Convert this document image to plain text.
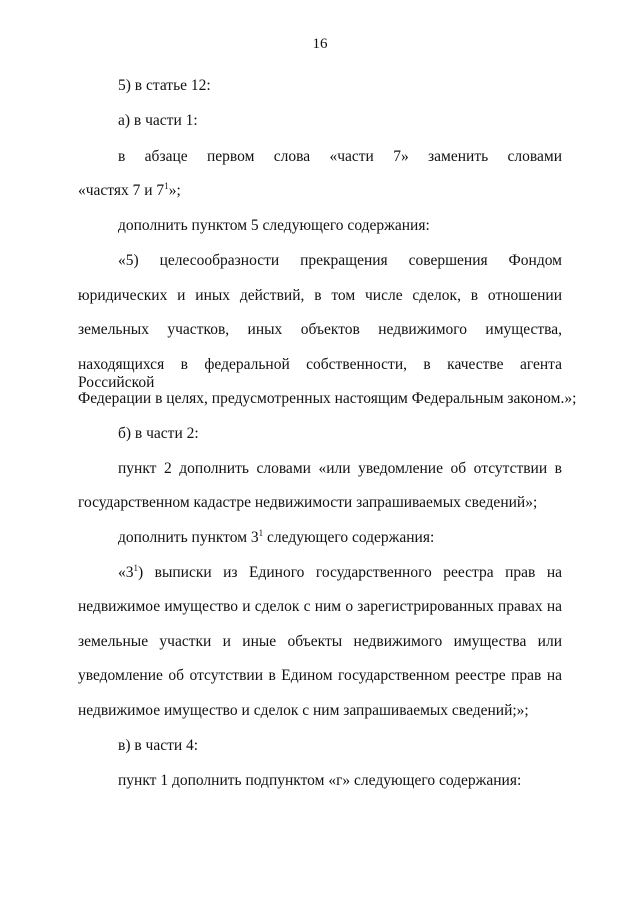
16
5) в статье 12:
а) в части 1:
в абзаце первом слова «части 7» заменить словами
«частях 7 и $7^1$»;
дополнить пунктом 5 следующего содержания:
«5) целесообразности прекращения совершения Фондом
юридических и иных действий, в том числе сделок, в отношении
земельных участков, иных объектов недвижимого имущества,
находящихся в федеральной собственности, в качестве агента Российской
Федерации в целях, предусмотренных настоящим Федеральным законом.»;
б) в части 2:
пункт 2 дополнить словами «или уведомление об отсутствии в
государственном кадастре недвижимости запрашиваемых сведений»;
дополнить пунктом $3^1$ следующего содержания:
«$3^1$ ) выписки из Единого государственного реестра прав на
недвижимое имущество и сделок с ним о зарегистрированных правах на
земельные участки и иные объекты недвижимого имущества или
уведомление об отсутствии в Едином государственном реестре прав на
недвижимое имущество и сделок с ним запрашиваемых сведений;»;
в) в части 4:
пункт 1 дополнить подпунктом «г» следующего содержания:
